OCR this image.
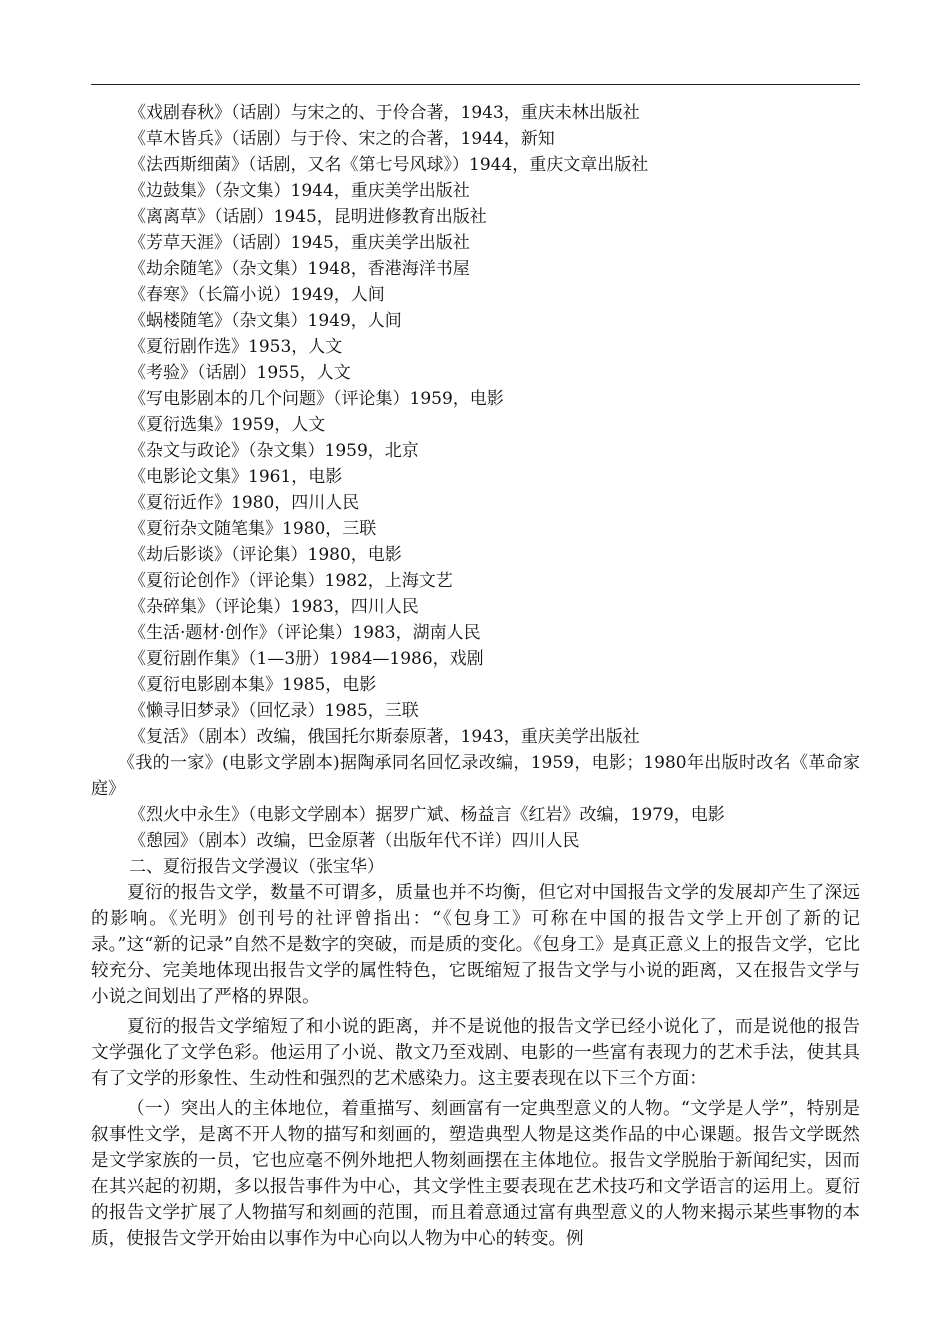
《戏剧春秋》（话剧）与宋之的、于伶合著，1943，重庆未林出版社
《草木皆兵》（话剧）与于伶、宋之的合著，1944，新知
《法西斯细菌》（话剧，又名《第七号风球》）1944，重庆文章出版社
《边鼓集》（杂文集）1944，重庆美学出版社
《离离草》（话剧）1945，昆明进修教育出版社
《芳草天涯》（话剧）1945，重庆美学出版社
《劫余随笔》（杂文集）1948，香港海洋书屋
《春寒》（长篇小说）1949，人间
《蜗楼随笔》（杂文集）1949，人间
《夏衍剧作选》1953，人文
《考验》（话剧）1955，人文
《写电影剧本的几个问题》（评论集）1959，电影
《夏衍选集》1959，人文
《杂文与政论》（杂文集）1959，北京
《电影论文集》1961，电影
《夏衍近作》1980，四川人民
《夏衍杂文随笔集》1980，三联
《劫后影谈》（评论集）1980，电影
《夏衍论创作》（评论集）1982，上海文艺
《杂碎集》（评论集）1983，四川人民
《生活·题材·创作》（评论集）1983，湖南人民
《夏衍剧作集》（1—3册）1984—1986，戏剧
《夏衍电影剧本集》1985，电影
《懒寻旧梦录》（回忆录）1985，三联
《复活》（剧本）改编，俄国托尔斯泰原著，1943，重庆美学出版社

《我的一家》(电影文学剧本)据陶承同名回忆录改编，1959，电影；1980年出版时改名《革命家庭》

《烈火中永生》（电影文学剧本）据罗广斌、杨益言《红岩》改编，1979，电影
《憩园》（剧本）改编，巴金原著（出版年代不详）四川人民
二、夏衍报告文学漫议（张宝华）

夏衍的报告文学，数量不可谓多，质量也并不均衡，但它对中国报告文学的发展却产生了深远的影响。《光明》创刊号的社评曾指出：“《包身工》可称在中国的报告文学上开创了新的记录。”这“新的记录”自然不是数字的突破，而是质的变化。《包身工》是真正意义上的报告文学，它比较充分、完美地体现出报告文学的属性特色，它既缩短了报告文学与小说的距离，又在报告文学与小说之间划出了严格的界限。

夏衍的报告文学缩短了和小说的距离，并不是说他的报告文学已经小说化了，而是说他的报告文学强化了文学色彩。他运用了小说、散文乃至戏剧、电影的一些富有表现力的艺术手法，使其具有了文学的形象性、生动性和强烈的艺术感染力。这主要表现在以下三个方面：

（一）突出人的主体地位，着重描写、刻画富有一定典型意义的人物。“文学是人学”，特别是叙事性文学，是离不开人物的描写和刻画的，塑造典型人物是这类作品的中心课题。报告文学既然是文学家族的一员，它也应毫不例外地把人物刻画摆在主体地位。报告文学脱胎于新闻纪实，因而在其兴起的初期，多以报告事件为中心，其文学性主要表现在艺术技巧和文学语言的运用上。夏衍的报告文学扩展了人物描写和刻画的范围，而且着意通过富有典型意义的人物来揭示某些事物的本质，使报告文学开始由以事作为中心向以人物为中心的转变。例
